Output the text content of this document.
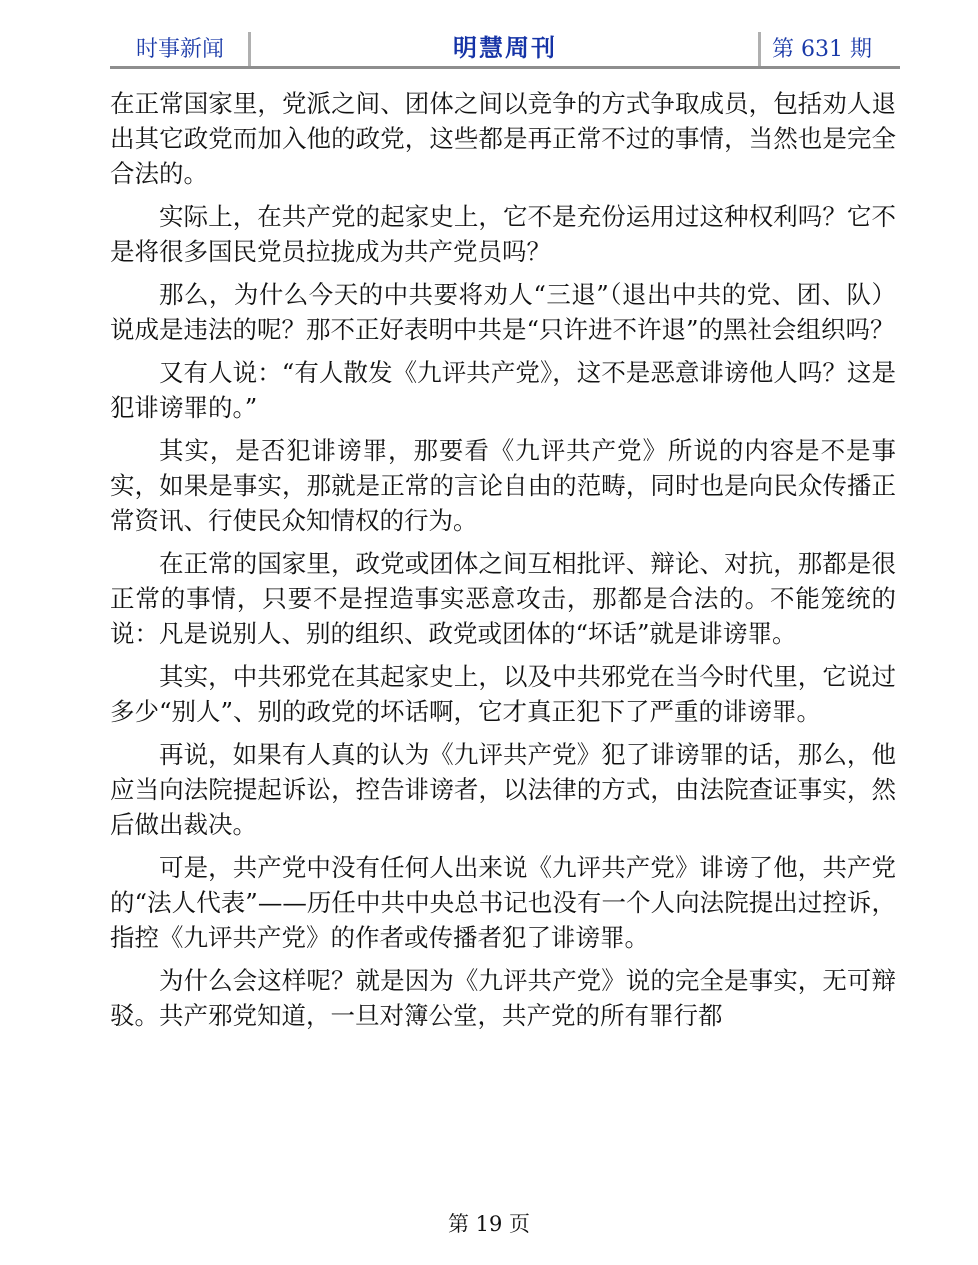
时事新闻	明慧周刊	第 631 期

在正常国家里，党派之间、团体之间以竞争的方式争取成员，包括劝人退出其它政党而加入他的政党，这些都是再正常不过的事情，当然也是完全合法的。

实际上，在共产党的起家史上，它不是充份运用过这种权利吗？它不是将很多国民党员拉拢成为共产党员吗？

那么，为什么今天的中共要将劝人“三退”（退出中共的党、团、队）说成是违法的呢？那不正好表明中共是“只许进不许退”的黑社会组织吗？

又有人说：“有人散发《九评共产党》，这不是恶意诽谤他人吗？这是犯诽谤罪的。”

其实，是否犯诽谤罪，那要看《九评共产党》所说的内容是不是事实，如果是事实，那就是正常的言论自由的范畴，同时也是向民众传播正常资讯、行使民众知情权的行为。

在正常的国家里，政党或团体之间互相批评、辩论、对抗，那都是很正常的事情，只要不是捏造事实恶意攻击，那都是合法的。不能笼统的说：凡是说别人、别的组织、政党或团体的“坏话”就是诽谤罪。

其实，中共邪党在其起家史上，以及中共邪党在当今时代里，它说过多少“别人”、别的政党的坏话啊，它才真正犯下了严重的诽谤罪。

再说，如果有人真的认为《九评共产党》犯了诽谤罪的话，那么，他应当向法院提起诉讼，控告诽谤者，以法律的方式，由法院查证事实，然后做出裁决。

可是，共产党中没有任何人出来说《九评共产党》诽谤了他，共产党的“法人代表”——历任中共中央总书记也没有一个人向法院提出过控诉，指控《九评共产党》的作者或传播者犯了诽谤罪。

为什么会这样呢？就是因为《九评共产党》说的完全是事实，无可辩驳。共产邪党知道，一旦对簿公堂，共产党的所有罪行都

第 19 页
